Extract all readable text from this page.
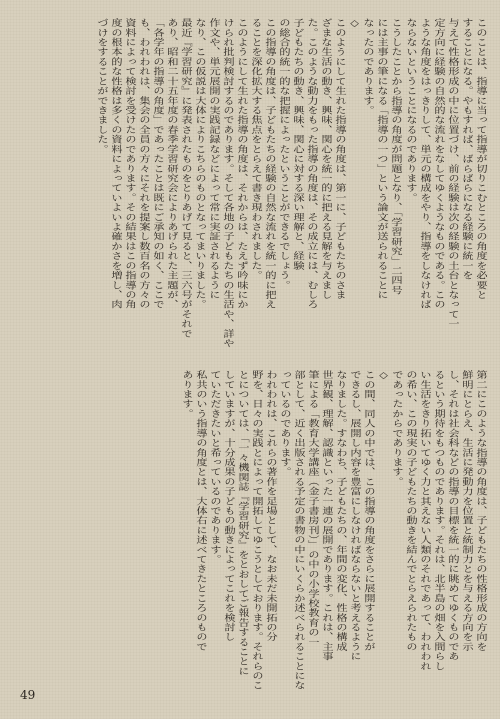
このことは、指導に当って指導が切りこむところの角度を必要と
することになる。やもすれば、ばらばらになる経験に統一を
与えて性格形成の中に位置づけ、前の経験は次の経験の土台となって一
定方向に経験の自然的な流れをなしてゆくようなものである。この
ような角度をはっきりして、単元の構成をやり、指導をしなければ
ならないということになるのであります。
こうしたことから指導の角度が問題となり、「学習研究」二四号
には主事の筆になる「指導の一つ」という論文が送られることに
なったのであります。
◇
このようにして生れた指導の角度は、第一に、子どもたちのさま
ざまな生活の動き、興味、関心を統一的に把える見解を与えまし
た。このような動力をもった指導の角度は、その成立には、むしろ
子どもたちの動き、興味、関心に対する深い理解と、経験
の総合的統一的な把握によったということができるでしょう。
この指導の角度は、子どもたちの経験の自然な流れを統一的に把え
ることを深化拡大する焦点をとらえて書き現わされました。
このようにして生れた指導の角度は、それからは、たえず吟味にか
けられ批判検討するのであります。そして各地の子どもたちの生活や、詳や
作文や、単元展開の実践記録などによって常に実証されるように
なり、この仮説は大体によりこちらのものとなってまいりました。
最近『学習研究』に発表されたものをとりあげて見ると、三六号がそれで
あり、昭和二十五年度の春季学習研究会によりあげられた主題が、
「各学年の指導の角度」であったことは既にご承知の如く、ここで
も、われわれは、集会の全員の方々にそれを提案し数百名の方々の
資料によって検討を受けたのであります。その結果はこの指導の角
度の根本的な性格は多くの資料によっていよいよ確かさを増し、肉
づけをすることができました。
第二にこのような指導の角度は、子どもたちの性格形成の方向を
鮮明にとらえ、生活に発動力を位置と統制力とを与える方向を示
し、それは社会科などの指導の目標を統一的に眺めてゆくものであ
るという期待をもつものであります。それは、北半島の畑を入間らし
い生活をきり拓いてゆく力と其えない人類のそれであって、われわれ
の希い、この現実の子どもたちの動きを結んでとらえられたもの
であったからであります。
◇
この間、同人の中では、この指導の角度をさらに展開することが
できるし、展開し内容を豊富にしなければならないと考えるように
なりました。すなわち、子どもたちの、年間の変化、性格の構成
世界観、理解、認識といった一連の展開であります。これは、主事
筆による「教育大学講座（金子書房刊）」の中の小学校教育の一
部として、近く出版される予定の書物の中にいくらか述べられることにな
っているのであります。
われわれは、これらの著作を足場として、なお未だ未開拓の分
野を、日々の実践とによって開拓してゆこうとしております。それらのこ
とについては、「一々機関誌『学習研究』をとおしてご報告することに
していますが、十分成果の子どもの動きによってこれを検討し
ていただきたいと希っているのであります。
私共のいう指導の角度とは、大体右に述べてきたところのもので
あります。
49
